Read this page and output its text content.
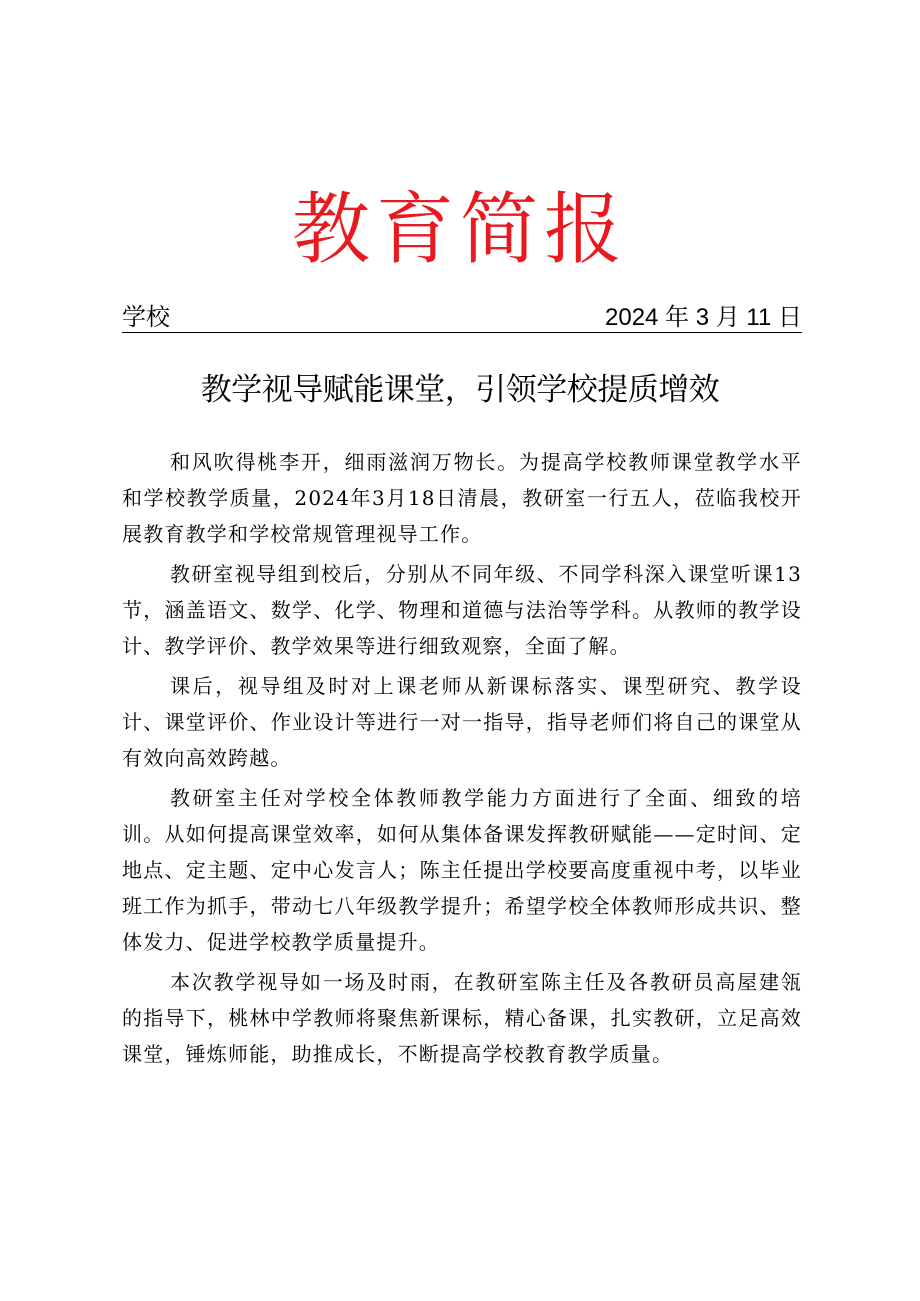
教育简报
学校	2024 年 3 月 11 日
教学视导赋能课堂，引领学校提质增效

和风吹得桃李开，细雨滋润万物长。为提高学校教师课堂教学水平和学校教学质量，2024年3月18日清晨，教研室一行五人，莅临我校开展教育教学和学校常规管理视导工作。

教研室视导组到校后，分别从不同年级、不同学科深入课堂听课13节，涵盖语文、数学、化学、物理和道德与法治等学科。从教师的教学设计、教学评价、教学效果等进行细致观察，全面了解。

课后，视导组及时对上课老师从新课标落实、课型研究、教学设计、课堂评价、作业设计等进行一对一指导，指导老师们将自己的课堂从有效向高效跨越。

教研室主任对学校全体教师教学能力方面进行了全面、细致的培训。从如何提高课堂效率，如何从集体备课发挥教研赋能——定时间、定地点、定主题、定中心发言人；陈主任提出学校要高度重视中考，以毕业班工作为抓手，带动七八年级教学提升；希望学校全体教师形成共识、整体发力、促进学校教学质量提升。

本次教学视导如一场及时雨，在教研室陈主任及各教研员高屋建瓴的指导下，桃林中学教师将聚焦新课标，精心备课，扎实教研，立足高效课堂，锤炼师能，助推成长，不断提高学校教育教学质量。
